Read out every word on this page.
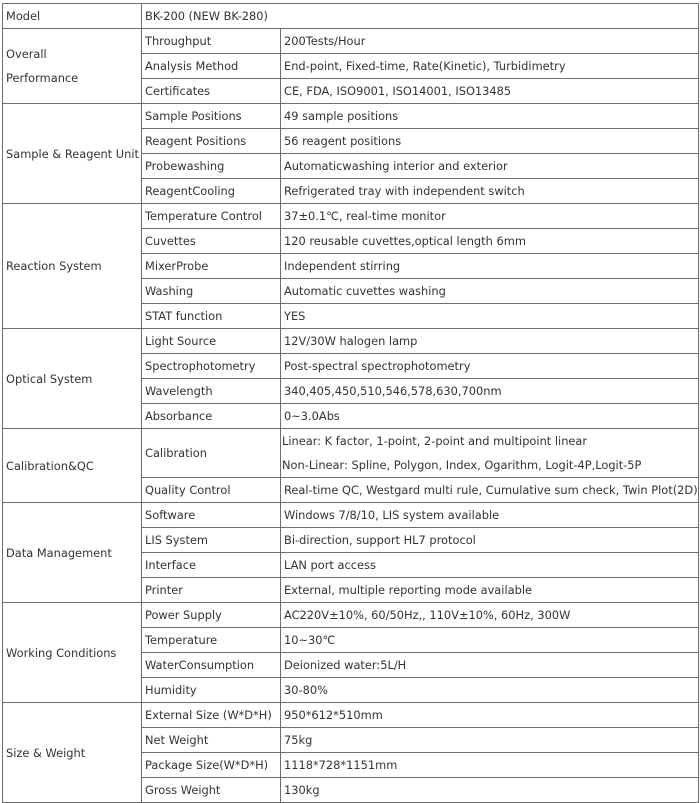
Model	BK-200 (NEW BK-280)	
Overall
Performance	Throughput	200Tests/Hour
	Analysis Method	End-point, Fixed-time, Rate(Kinetic), Turbidimetry
	Certificates	CE, FDA, ISO9001, ISO14001, ISO13485
Sample & Reagent Unit	Sample Positions	49 sample positions
	Reagent Positions	56 reagent positions
	Probewashing	Automaticwashing interior and exterior
	ReagentCooling	Refrigerated tray with independent switch
Reaction System	Temperature Control	37±0.1℃, real-time monitor
	Cuvettes	120 reusable cuvettes,optical length 6mm
	MixerProbe	Independent stirring
	Washing	Automatic cuvettes washing
	STAT function	YES
Optical System	Light Source	12V/30W halogen lamp
	Spectrophotometry	Post-spectral spectrophotometry
	Wavelength	340,405,450,510,546,578,630,700nm
	Absorbance	0~3.0Abs
Calibration&QC	Calibration	Linear: K factor, 1-point, 2-point and multipoint linear
Non-Linear: Spline, Polygon, Index, Ogarithm, Logit-4P,Logit-5P
	Quality Control	Real-time QC, Westgard multi rule, Cumulative sum check, Twin Plot(2D)
Data Management	Software	Windows 7/8/10, LIS system available
	LIS System	Bi-direction, support HL7 protocol
	Interface	LAN port access
	Printer	External, multiple reporting mode available
Working Conditions	Power Supply	AC220V±10%, 60/50Hz,, 110V±10%, 60Hz, 300W
	Temperature	10~30℃
	WaterConsumption	Deionized water:5L/H
	Humidity	30-80%
Size & Weight	External Size (W*D*H)	950*612*510mm
	Net Weight	75kg
	Package Size(W*D*H)	1118*728*1151mm
	Gross Weight	130kg
